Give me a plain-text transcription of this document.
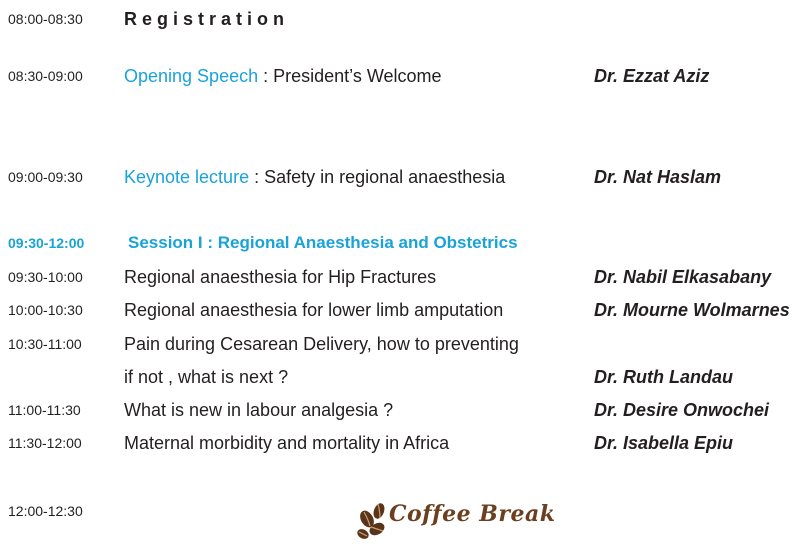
08:00-08:30 Registration
08:30-09:00 Opening Speech : President’s Welcome	Dr. Ezzat Aziz
09:00-09:30 Keynote lecture : Safety in regional anaesthesia	Dr. Nat Haslam
09:30-12:00	Session I : Regional Anaesthesia and Obstetrics
09:30-10:00 Regional anaesthesia for Hip Fractures	Dr. Nabil Elkasabany
10:00-10:30 Regional anaesthesia for lower limb amputation	Dr. Mourne Wolmarnes
10:30-11:00 Pain during Cesarean Delivery, how to preventing
if not , what is next ?	Dr. Ruth Landau
11:00-11:30 What is new in labour analgesia ?	Dr. Desire Onwochei
11:30-12:00 Maternal morbidity and mortality in Africa	Dr. Isabella Epiu
12:00-12:30	Coffee Break
